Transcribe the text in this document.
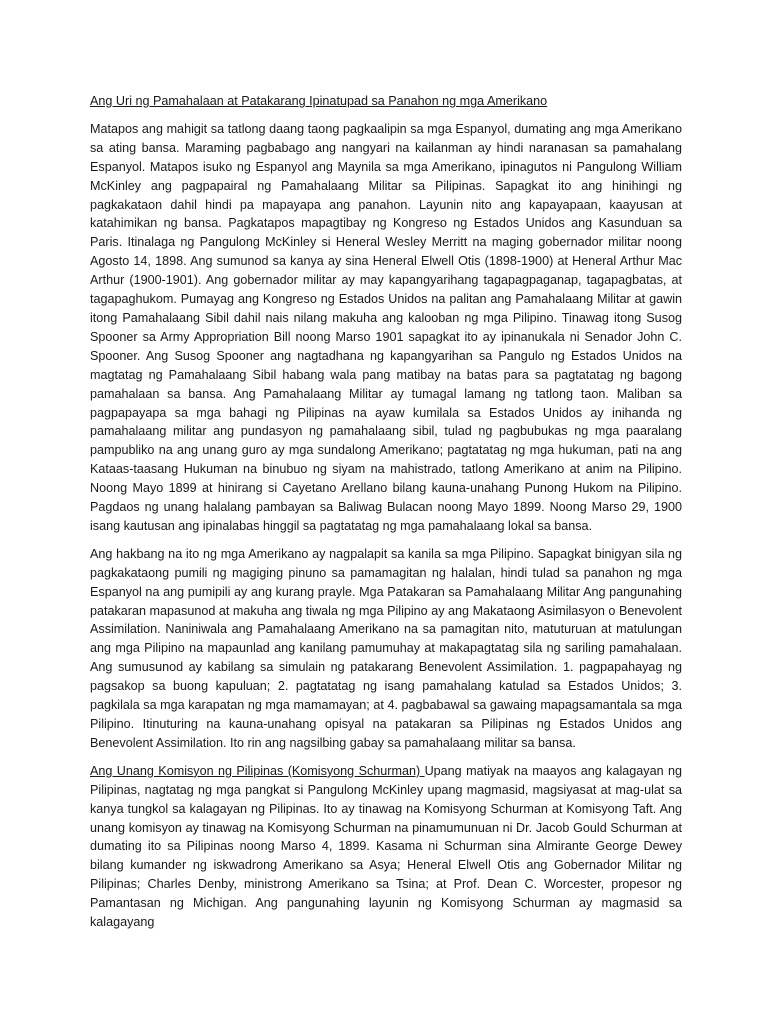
Ang Uri ng Pamahalaan at Patakarang Ipinatupad sa Panahon ng mga Amerikano

Matapos ang mahigit sa tatlong daang taong pagkaalipin sa mga Espanyol, dumating ang mga Amerikano sa ating bansa. Maraming pagbabago ang nangyari na kailanman ay hindi naranasan sa pamahalang Espanyol. Matapos isuko ng Espanyol ang Maynila sa mga Amerikano, ipinagutos ni Pangulong William McKinley ang pagpapairal ng Pamahalaang Militar sa Pilipinas. Sapagkat ito ang hinihingi ng pagkakataon dahil hindi pa mapayapa ang panahon. Layunin nito ang kapayapaan, kaayusan at katahimikan ng bansa. Pagkatapos mapagtibay ng Kongreso ng Estados Unidos ang Kasunduan sa Paris. Itinalaga ng Pangulong McKinley si Heneral Wesley Merritt na maging gobernador militar noong Agosto 14, 1898. Ang sumunod sa kanya ay sina Heneral Elwell Otis (1898-1900) at Heneral Arthur Mac Arthur (1900-1901). Ang gobernador militar ay may kapangyarihang tagapagpaganap, tagapagbatas, at tagapaghukom. Pumayag ang Kongreso ng Estados Unidos na palitan ang Pamahalaang Militar at gawin itong Pamahalaang Sibil dahil nais nilang makuha ang kalooban ng mga Pilipino. Tinawag itong Susog Spooner sa Army Appropriation Bill noong Marso 1901 sapagkat ito ay ipinanukala ni Senador John C. Spooner. Ang Susog Spooner ang nagtadhana ng kapangyarihan sa Pangulo ng Estados Unidos na magtatag ng Pamahalaang Sibil habang wala pang matibay na batas para sa pagtatatag ng bagong pamahalaan sa bansa. Ang Pamahalaang Militar ay tumagal lamang ng tatlong taon. Maliban sa pagpapayapa sa mga bahagi ng Pilipinas na ayaw kumilala sa Estados Unidos ay inihanda ng pamahalaang militar ang pundasyon ng pamahalaang sibil, tulad ng pagbubukas ng mga paaralang pampubliko na ang unang guro ay mga sundalong Amerikano; pagtatatag ng mga hukuman, pati na ang Kataas-taasang Hukuman na binubuo ng siyam na mahistrado, tatlong Amerikano at anim na Pilipino. Noong Mayo 1899 at hinirang si Cayetano Arellano bilang kauna-unahang Punong Hukom na Pilipino. Pagdaos ng unang halalang pambayan sa Baliwag Bulacan noong Mayo 1899. Noong Marso 29, 1900 isang kautusan ang ipinalabas hinggil sa pagtatatag ng mga pamahalaang lokal sa bansa.

Ang hakbang na ito ng mga Amerikano ay nagpalapit sa kanila sa mga Pilipino. Sapagkat binigyan sila ng pagkakataong pumili ng magiging pinuno sa pamamagitan ng halalan, hindi tulad sa panahon ng mga Espanyol na ang pumipili ay ang kurang prayle. Mga Patakaran sa Pamahalaang Militar Ang pangunahing patakaran mapasunod at makuha ang tiwala ng mga Pilipino ay ang Makataong Asimilasyon o Benevolent Assimilation. Naniniwala ang Pamahalaang Amerikano na sa pamagitan nito, matuturuan at matulungan ang mga Pilipino na mapaunlad ang kanilang pamumuhay at makapagtatag sila ng sariling pamahalaan. Ang sumusunod ay kabilang sa simulain ng patakarang Benevolent Assimilation. 1. pagpapahayag ng pagsakop sa buong kapuluan; 2. pagtatatag ng isang pamahalang katulad sa Estados Unidos; 3. pagkilala sa mga karapatan ng mga mamamayan; at 4. pagbabawal sa gawaing mapagsamantala sa mga Pilipino. Itinuturing na kauna-unahang opisyal na patakaran sa Pilipinas ng Estados Unidos ang Benevolent Assimilation. Ito rin ang nagsilbing gabay sa pamahalaang militar sa bansa.

Ang Unang Komisyon ng Pilipinas (Komisyong Schurman) Upang matiyak na maayos ang kalagayan ng Pilipinas, nagtatag ng mga pangkat si Pangulong McKinley upang magmasid, magsiyasat at mag-ulat sa kanya tungkol sa kalagayan ng Pilipinas. Ito ay tinawag na Komisyong Schurman at Komisyong Taft. Ang unang komisyon ay tinawag na Komisyong Schurman na pinamumunuan ni Dr. Jacob Gould Schurman at dumating ito sa Pilipinas noong Marso 4, 1899. Kasama ni Schurman sina Almirante George Dewey bilang kumander ng iskwadrong Amerikano sa Asya; Heneral Elwell Otis ang Gobernador Militar ng Pilipinas; Charles Denby, ministrong Amerikano sa Tsina; at Prof. Dean C. Worcester, propesor ng Pamantasan ng Michigan. Ang pangunahing layunin ng Komisyong Schurman ay magmasid sa kalagayang
